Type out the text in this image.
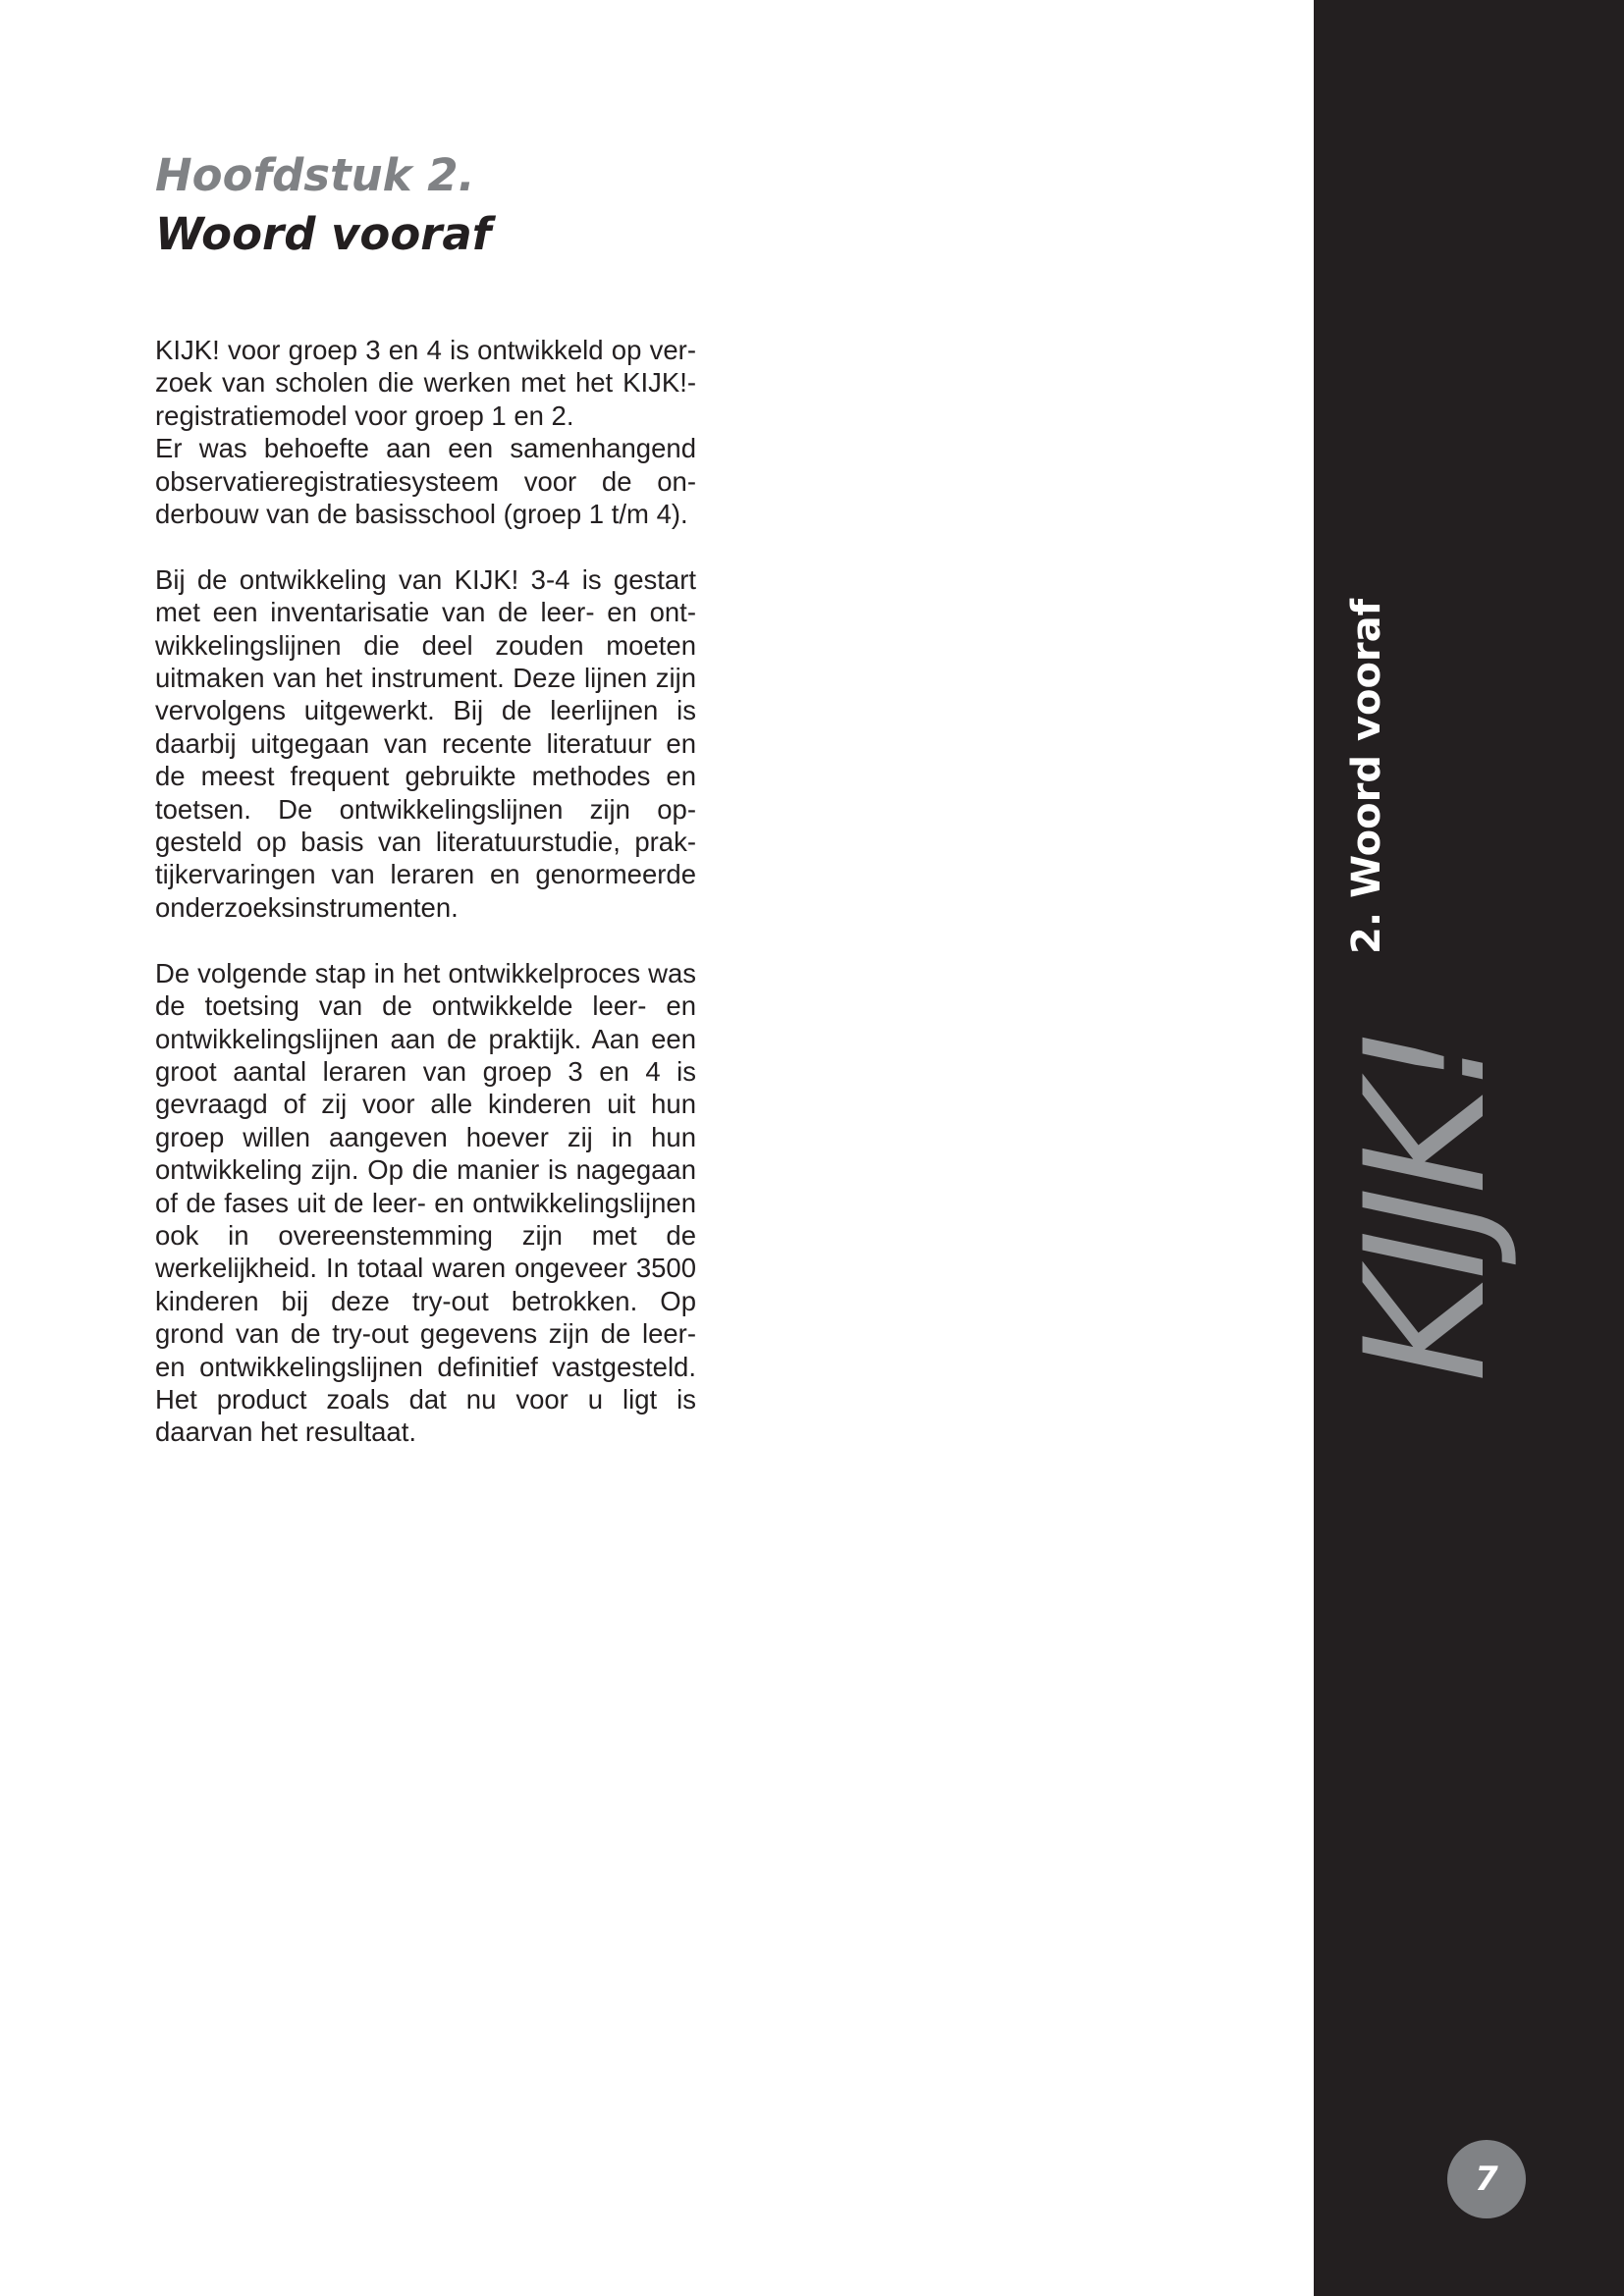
Hoofdstuk 2.
Woord vooraf

KIJK! voor groep 3 en 4 is ontwikkeld op verzoek van scholen die werken met het KIJK!-registratiemodel voor groep 1 en 2.

Er was behoefte aan een samenhangend observatieregistratiesysteem voor de onderbouw van de basisschool (groep 1 t/m 4).

Bij de ontwikkeling van KIJK! 3-4 is gestart met een inventarisatie van de leer- en ontwikkelingslijnen die deel zouden moeten uitmaken van het instrument. Deze lijnen zijn vervolgens uitgewerkt. Bij de leerlijnen is daarbij uitgegaan van recente literatuur en de meest frequent gebruikte methodes en toetsen. De ontwikkelingslijnen zijn opgesteld op basis van literatuurstudie, praktijkervaringen van leraren en genormeerde onderzoeksinstrumenten.

De volgende stap in het ontwikkelproces was de toetsing van de ontwikkelde leer- en ontwikkelingslijnen aan de praktijk. Aan een groot aantal leraren van groep 3 en 4 is gevraagd of zij voor alle kinderen uit hun groep willen aangeven hoever zij in hun ontwikkeling zijn. Op die manier is nagegaan of de fases uit de leer- en ontwikkelingslijnen ook in overeenstemming zijn met de werkelijkheid. In totaal waren ongeveer 3500 kinderen bij deze try-out betrokken. Op grond van de try-out gegevens zijn de leer- en ontwikkelingslijnen definitief vastgesteld. Het product zoals dat nu voor u ligt is daarvan het resultaat.

KIJK!
2. Woord vooraf
7
